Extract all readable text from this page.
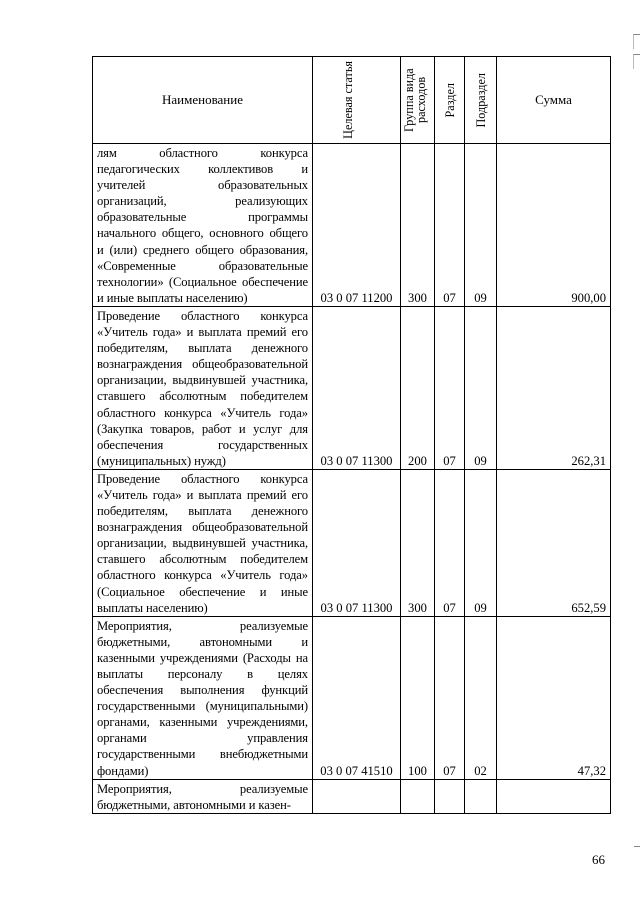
Наименование	Целевая статья	Группа вида расходов	Раздел	Подраздел	Сумма
лям областного конкурса педагогических коллективов и учителей образовательных организаций, реализующих образовательные программы начального общего, основного общего и (или) среднего общего образования, «Современные образовательные технологии» (Социальное обеспечение и иные выплаты населению)	03 0 07 11200	300	07	09	900,00
Проведение областного конкурса «Учитель года» и выплата премий его победителям, выплата денежного вознаграждения общеобразовательной организации, выдвинувшей участника, ставшего абсолютным победителем областного конкурса «Учитель года» (Закупка товаров, работ и услуг для обеспечения государственных (муниципальных) нужд)	03 0 07 11300	200	07	09	262,31
Проведение областного конкурса «Учитель года» и выплата премий его победителям, выплата денежного вознаграждения общеобразовательной организации, выдвинувшей участника, ставшего абсолютным победителем областного конкурса «Учитель года» (Социальное обеспечение и иные выплаты населению)	03 0 07 11300	300	07	09	652,59
Мероприятия, реализуемые бюджетными, автономными и казенными учреждениями (Расходы на выплаты персоналу в целях обеспечения выполнения функций государственными (муниципальными) органами, казенными учреждениями, органами управления государственными внебюджетными фондами)	03 0 07 41510	100	07	02	47,32
Мероприятия, реализуемые бюджетными, автономными и казен-					
66
